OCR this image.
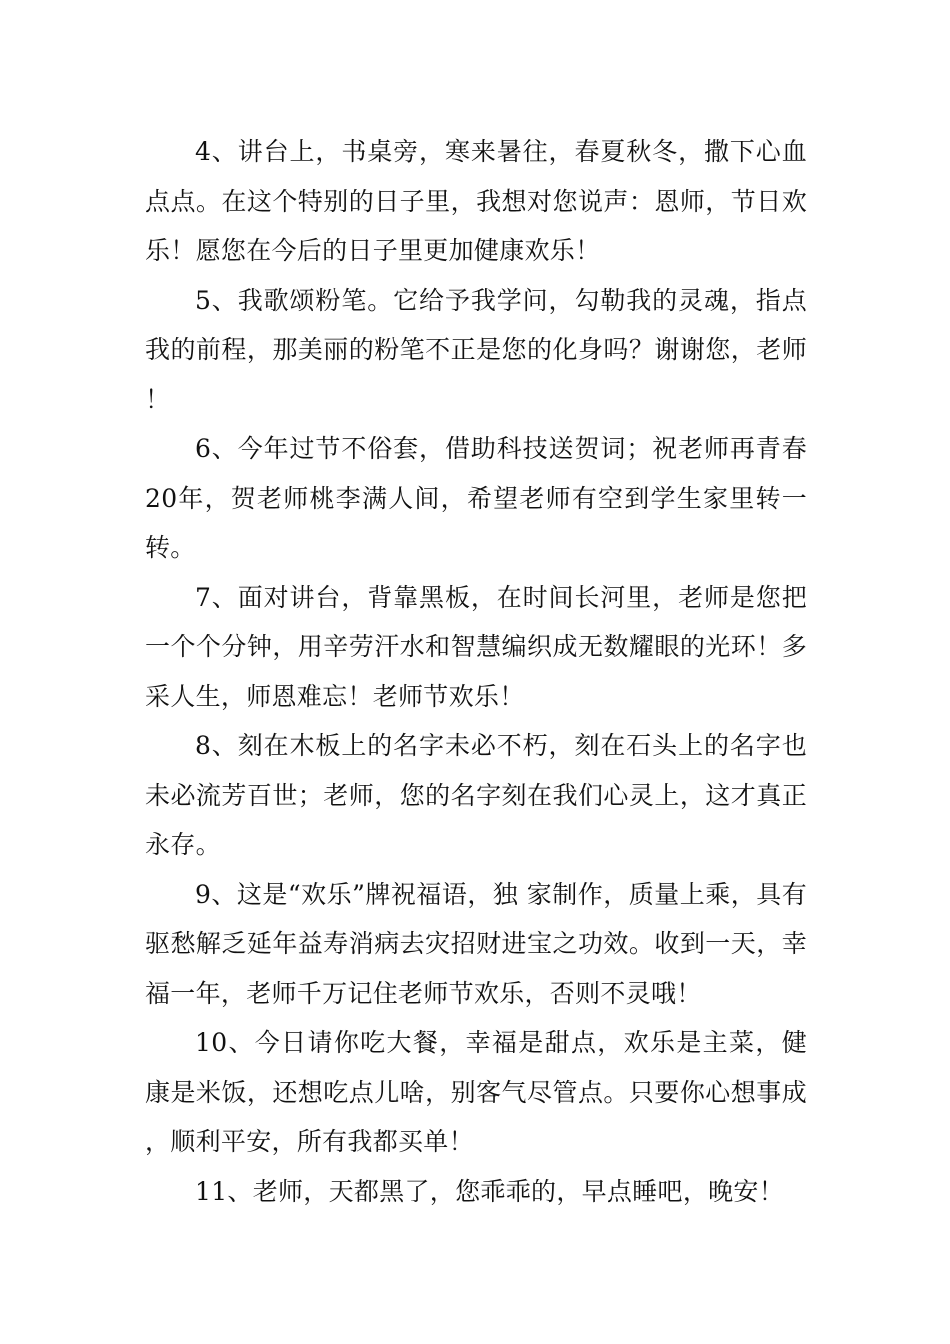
4、讲台上，书桌旁，寒来暑往，春夏秋冬，撒下心血点点。在这个特别的日子里，我想对您说声：恩师，节日欢乐！愿您在今后的日子里更加健康欢乐！

5、我歌颂粉笔。它给予我学问，勾勒我的灵魂，指点我的前程，那美丽的粉笔不正是您的化身吗？谢谢您，老师！

6、今年过节不俗套，借助科技送贺词；祝老师再青春20年，贺老师桃李满人间，希望老师有空到学生家里转一转。

7、面对讲台，背靠黑板，在时间长河里，老师是您把一个个分钟，用辛劳汗水和智慧编织成无数耀眼的光环！多采人生，师恩难忘！老师节欢乐！

8、刻在木板上的名字未必不朽，刻在石头上的名字也未必流芳百世；老师，您的名字刻在我们心灵上，这才真正永存。

9、这是“欢乐”牌祝福语，独 家制作，质量上乘，具有驱愁解乏延年益寿消病去灾招财进宝之功效。收到一天，幸福一年，老师千万记住老师节欢乐，否则不灵哦！

10、今日请你吃大餐，幸福是甜点，欢乐是主菜，健康是米饭，还想吃点儿啥，别客气尽管点。只要你心想事成，顺利平安，所有我都买单！

11、老师，天都黑了，您乖乖的，早点睡吧，晚安！
